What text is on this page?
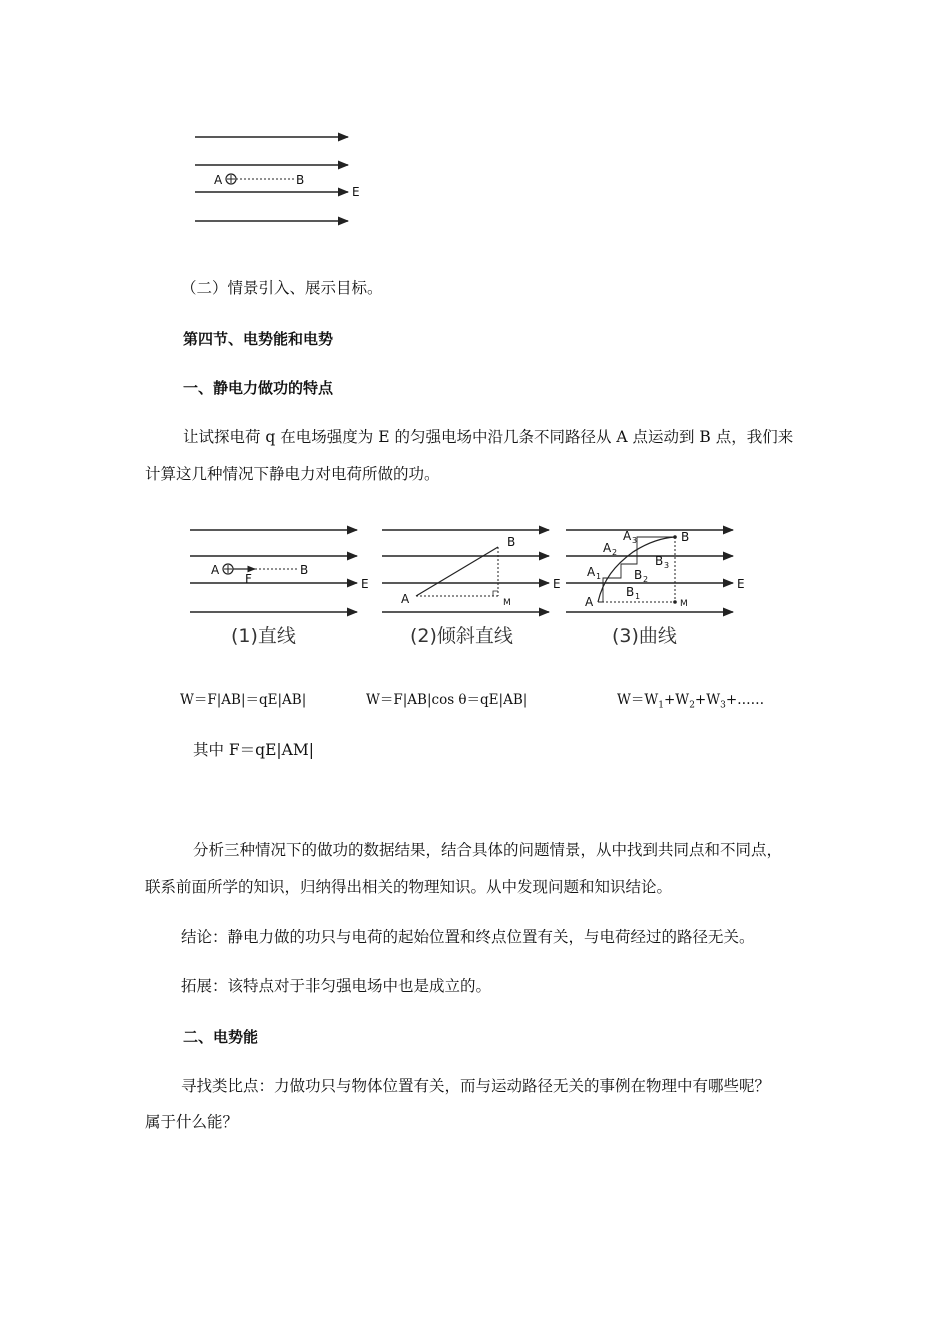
A	B
E
（二）情景引入、展示目标。
第四节、电势能和电势
一、静电力做功的特点
让试探电荷 q 在电场强度为 E 的匀强电场中沿几条不同路径从 A 点运动到 B 点，我们来
计算这几种情况下静电力对电荷所做的功。
A
F
B
E
(1)直线
A
B
M
E
(2)倾斜直线
A
B
M
E
A 1
A 2
A 3
B 1
B 2
B 3
(3)曲线
W＝F|AB|＝qE|AB|	W＝F|AB|cos θ＝qE|AB|	$W=W_1+W_2+W_3+\dots\dots$
其中 F＝qE|AM|
分析三种情况下的做功的数据结果，结合具体的问题情景，从中找到共同点和不同点，
联系前面所学的知识，归纳得出相关的物理知识。从中发现问题和知识结论。
结论：静电力做的功只与电荷的起始位置和终点位置有关，与电荷经过的路径无关。
拓展：该特点对于非匀强电场中也是成立的。
二、电势能
寻找类比点：力做功只与物体位置有关，而与运动路径无关的事例在物理中有哪些呢？
属于什么能？
